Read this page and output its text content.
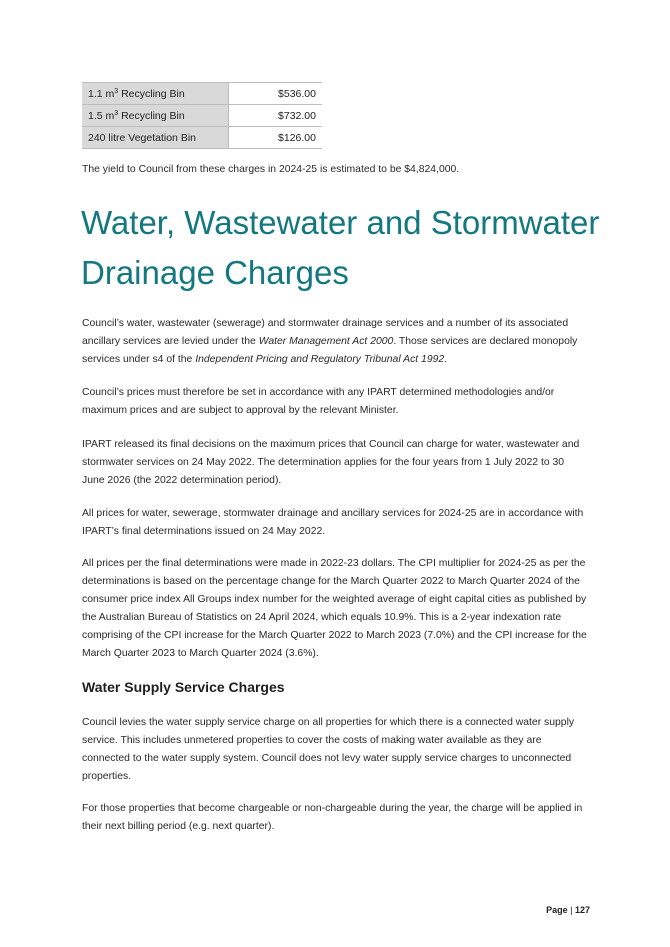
1.1 $m^3$ Recycling Bin	$536.00
1.5 $m^3$ Recycling Bin	$732.00
240 litre Vegetation Bin	$126.00

The yield to Council from these charges in 2024-25 is estimated to be $4,824,000.

Water, Wastewater and Stormwater Drainage Charges

Council’s water, wastewater (sewerage) and stormwater drainage services and a number of its associated ancillary services are levied under the Water Management Act 2000. Those services are declared monopoly services under s4 of the Independent Pricing and Regulatory Tribunal Act 1992.

Council’s prices must therefore be set in accordance with any IPART determined methodologies and/or maximum prices and are subject to approval by the relevant Minister.

IPART released its final decisions on the maximum prices that Council can charge for water, wastewater and stormwater services on 24 May 2022. The determination applies for the four years from 1 July 2022 to 30 June 2026 (the 2022 determination period).

All prices for water, sewerage, stormwater drainage and ancillary services for 2024-25 are in accordance with IPART’s final determinations issued on 24 May 2022.

All prices per the final determinations were made in 2022-23 dollars. The CPI multiplier for 2024-25 as per the determinations is based on the percentage change for the March Quarter 2022 to March Quarter 2024 of the consumer price index All Groups index number for the weighted average of eight capital cities as published by the Australian Bureau of Statistics on 24 April 2024, which equals 10.9%. This is a 2-year indexation rate comprising of the CPI increase for the March Quarter 2022 to March 2023 (7.0%) and the CPI increase for the March Quarter 2023 to March Quarter 2024 (3.6%).

Water Supply Service Charges

Council levies the water supply service charge on all properties for which there is a connected water supply service. This includes unmetered properties to cover the costs of making water available as they are connected to the water supply system. Council does not levy water supply service charges to unconnected properties.

For those properties that become chargeable or non-chargeable during the year, the charge will be applied in their next billing period (e.g. next quarter).

Page | 127
